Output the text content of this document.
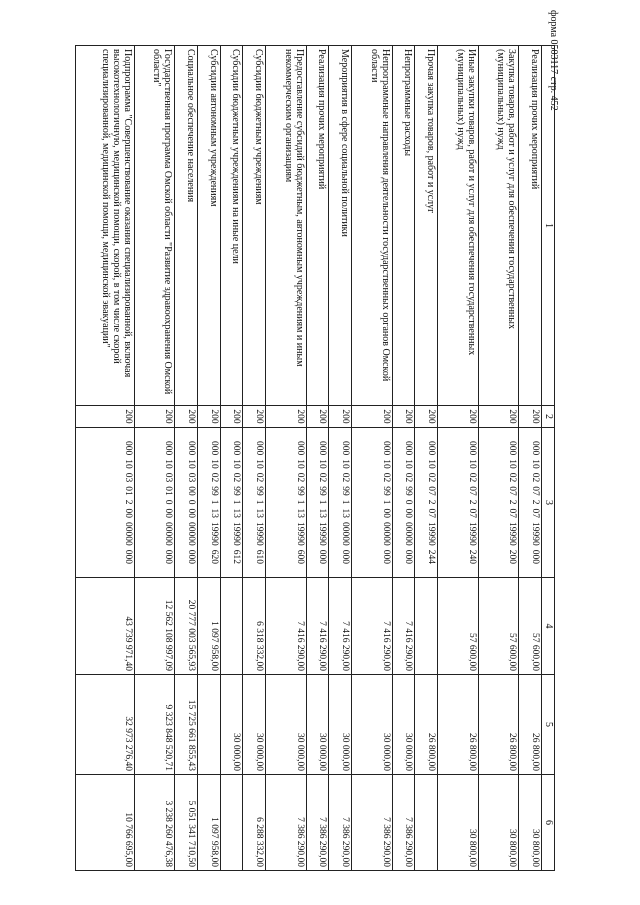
форма 0503117 стр. 452
1	2	3	4	5	6
Реализация прочих мероприятий	200	00010020720719990000	57 600,00	26 800,00	30 800,00
Закупка товаров, работ и услуг для обеспечения государственных (муниципальных) нужд	200	00010020720719990200	57 600,00	26 800,00	30 800,00
Иные закупки товаров, работ и услуг для обеспечения государственных (муниципальных) нужд	200	00010020720719990240	57 600,00	26 800,00	30 800,00
Прочая закупка товаров, работ и услуг	200	00010020720719990244		26 800,00	
Непрограммные расходы	200	00010029900000000000	7 416 290,00	30 000,00	7 386 290,00
Непрограммные направления деятельности государственных органов Омской области	200	00010029910000000000	7 416 290,00	30 000,00	7 386 290,00
Мероприятия в сфере социальной политики	200	00010029911300000000	7 416 290,00	30 000,00	7 386 290,00
Реализация прочих мероприятий	200	00010029911319990000	7 416 290,00	30 000,00	7 386 290,00
Предоставление субсидий бюджетным, автономным учреждениям и иным некоммерческим организациям	200	00010029911319990600	7 416 290,00	30 000,00	7 386 290,00
Субсидии бюджетным учреждениям	200	00010029911319990610	6 318 332,00	30 000,00	6 288 332,00
Субсидии бюджетным учреждениям на иные цели	200	00010029911319990612		30 000,00	
Субсидии автономным учреждениям	200	00010029911319990620	1 097 958,00		1 097 958,00
Социальное обеспечение населения	200	00010030000000000000	20 777 003 565,93	15 725 661 855,43	5 051 341 710,50
Государственная программа Омской области "Развитие здравоохранения Омской области"	200	00010030100000000000	12 562 108 997,09	9 323 848 520,71	3 238 260 476,38
Подпрограмма "Совершенствование оказания специализированной, включая высокотехнологичную, медицинской помощи, скорой, в том числе скорой специализированной, медицинской помощи, медицинской эвакуации"	200	00010030120000000000	43 739 971,40	32 973 276,40	10 766 695,00
